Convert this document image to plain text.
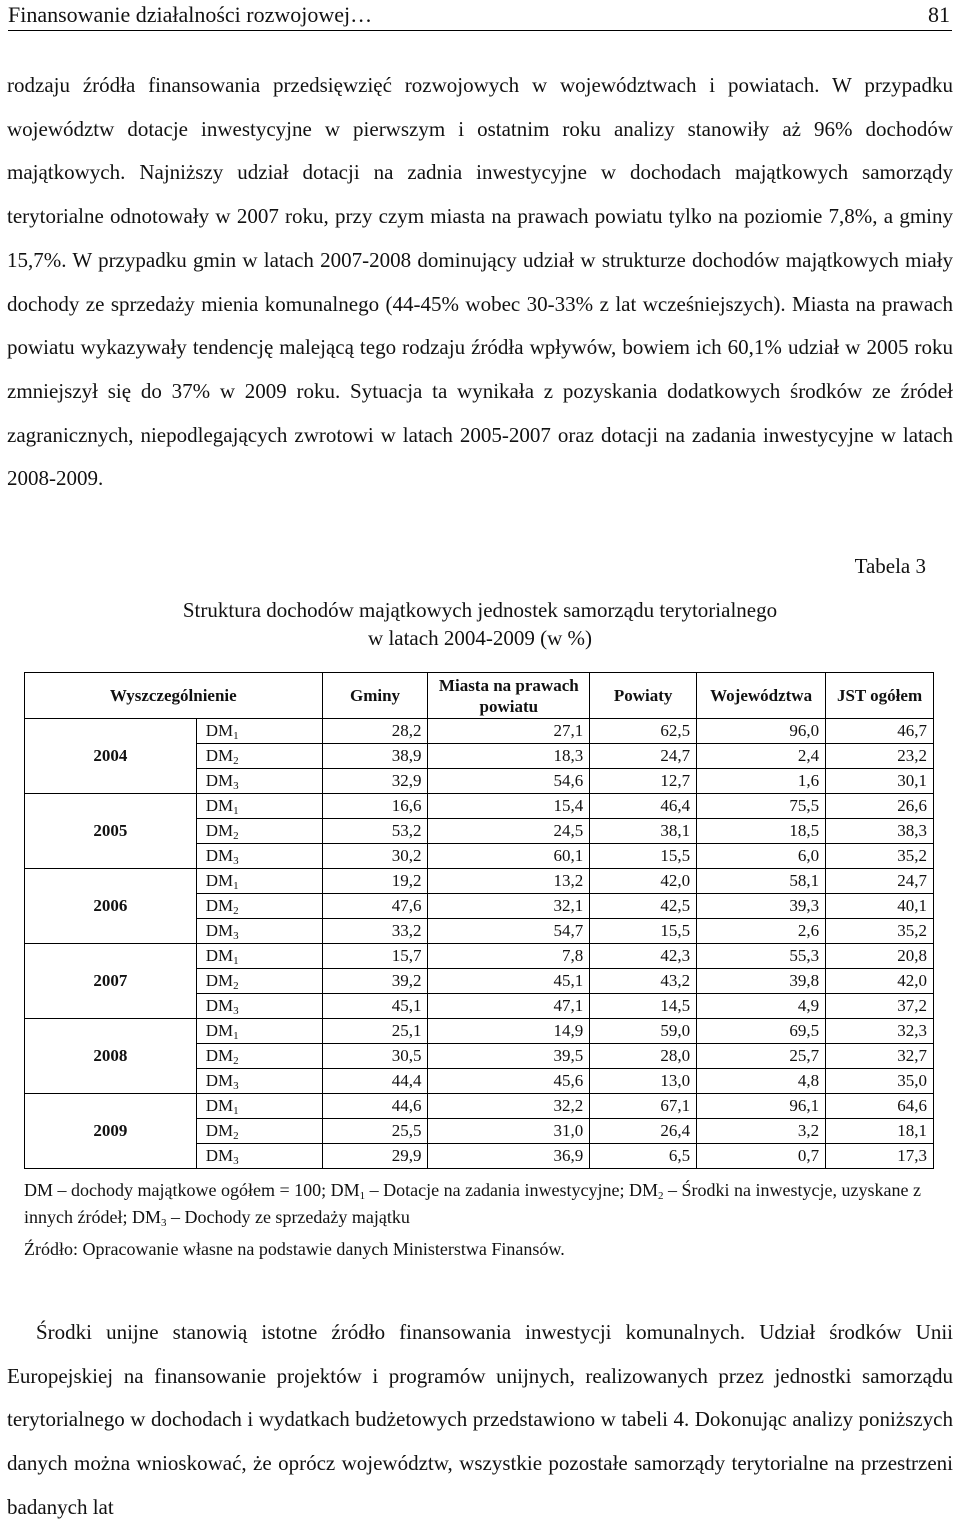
Finansowanie działalności rozwojowej…	81

rodzaju źródła finansowania przedsięwzięć rozwojowych w województwach i powiatach. W przypadku województw dotacje inwestycyjne w pierwszym i ostatnim roku analizy stanowiły aż 96% dochodów majątkowych. Najniższy udział dotacji na zadnia inwestycyjne w dochodach majątkowych samorządy terytorialne odnotowały w 2007 roku, przy czym miasta na prawach powiatu tylko na poziomie 7,8%, a gminy 15,7%. W przypadku gmin w latach 2007-2008 dominujący udział w strukturze dochodów majątkowych miały dochody ze sprzedaży mienia komunalnego (44-45% wobec 30-33% z lat wcześniejszych). Miasta na prawach powiatu wykazywały tendencję malejącą tego rodzaju źródła wpływów, bowiem ich 60,1% udział w 2005 roku zmniejszył się do 37% w 2009 roku. Sytuacja ta wynikała z pozyskania dodatkowych środków ze źródeł zagranicznych, niepodlegających zwrotowi w latach 2005-2007 oraz dotacji na zadania inwestycyjne w latach 2008-2009.

Tabela 3
Struktura dochodów majątkowych jednostek samorządu terytorialnego
w latach 2004-2009 (w %)
Wyszczególnienie		Gminy	Miasta na prawach powiatu	Powiaty	Województwa	JST ogółem
2004	$DM_1$	28,2	27,1	62,5	96,0	46,7
	$DM_2$	38,9	18,3	24,7	2,4	23,2
	$DM_3$	32,9	54,6	12,7	1,6	30,1
2005	$DM_1$	16,6	15,4	46,4	75,5	26,6
	$DM_2$	53,2	24,5	38,1	18,5	38,3
	$DM_3$	30,2	60,1	15,5	6,0	35,2
2006	$DM_1$	19,2	13,2	42,0	58,1	24,7
	$DM_2$	47,6	32,1	42,5	39,3	40,1
	$DM_3$	33,2	54,7	15,5	2,6	35,2
2007	$DM_1$	15,7	7,8	42,3	55,3	20,8
	$DM_2$	39,2	45,1	43,2	39,8	42,0
	$DM_3$	45,1	47,1	14,5	4,9	37,2
2008	$DM_1$	25,1	14,9	59,0	69,5	32,3
	$DM_2$	30,5	39,5	28,0	25,7	32,7
	$DM_3$	44,4	45,6	13,0	4,8	35,0
2009	$DM_1$	44,6	32,2	67,1	96,1	64,6
	$DM_2$	25,5	31,0	26,4	3,2	18,1
	$DM_3$	29,9	36,9	6,5	0,7	17,3
DM – dochody majątkowe ogółem = 100; $DM_1$ – Dotacje na zadania inwestycyjne; $DM_2$ – Środki na inwestycje, uzyskane z innych źródeł; $DM_3$ – Dochody ze sprzedaży majątku
Źródło: Opracowanie własne na podstawie danych Ministerstwa Finansów.

Środki unijne stanowią istotne źródło finansowania inwestycji komunalnych. Udział środków Unii Europejskiej na finansowanie projektów i programów unijnych, realizowanych przez jednostki samorządu terytorialnego w dochodach i wydatkach budżetowych przedstawiono w tabeli 4. Dokonując analizy poniższych danych można wnioskować, że oprócz województw, wszystkie pozostałe samorządy terytorialne na przestrzeni badanych lat
